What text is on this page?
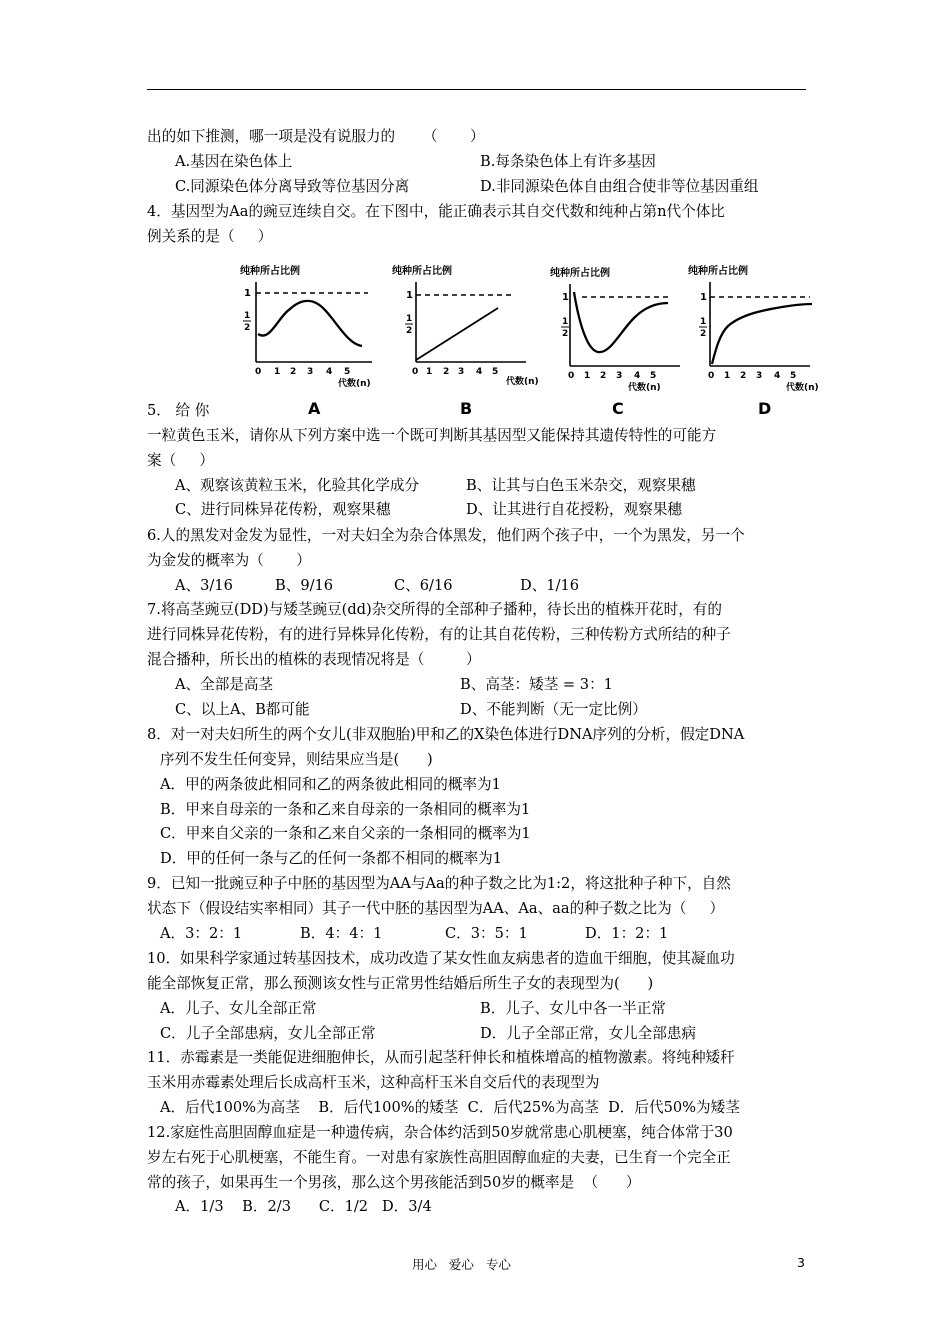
出的如下推测，哪一项是没有说服力的      （       ）
A.基因在染色体上	B.每条染色体上有许多基因
C.同源染色体分离导致等位基因分离	D.非同源染色体自由组合使非等位基因重组
4．基因型为Aa的豌豆连续自交。在下图中，能正确表示其自交代数和纯种占第n代个体比
例关系的是（     ）
纯种所占比例
1
1
2
0 1 2 3 4 5
代数(n)
A
纯种所占比例
1
1
2
0 1 2 3 4 5
代数(n)
B
纯种所占比例
1
1
2
0 1 2 3 4 5
代数(n)
C
纯种所占比例
1
1
2
0 1 2 3 4 5
代数(n)
D
5． 给 你
一粒黄色玉米，请你从下列方案中选一个既可判断其基因型又能保持其遗传特性的可能方
案（     ）
A、观察该黄粒玉米，化验其化学成分	B、让其与白色玉米杂交，观察果穗
C、进行同株异花传粉，观察果穗	D、让其进行自花授粉，观察果穗
6.人的黑发对金发为显性，一对夫妇全为杂合体黑发，他们两个孩子中，一个为黑发，另一个
为金发的概率为（       ）
A、3/16	B、9/16	C、6/16	D、1/16
7.将高茎豌豆(DD)与矮茎豌豆(dd)杂交所得的全部种子播种，待长出的植株开花时，有的
进行同株异花传粉，有的进行异株异化传粉，有的让其自花传粉，三种传粉方式所结的种子
混合播种，所长出的植株的表现情况将是（         ）
A、全部是高茎	B、高茎：矮茎 = 3：1
C、以上A、B都可能	D、不能判断（无一定比例）
8．对一对夫妇所生的两个女儿(非双胞胎)甲和乙的X染色体进行DNA序列的分析，假定DNA
序列不发生任何变异，则结果应当是(      )
A．甲的两条彼此相同和乙的两条彼此相同的概率为1
B．甲来自母亲的一条和乙来自母亲的一条相同的概率为1
C．甲来自父亲的一条和乙来自父亲的一条相同的概率为1
D．甲的任何一条与乙的任何一条都不相同的概率为1
9．已知一批豌豆种子中胚的基因型为AA与Aa的种子数之比为1:2，将这批种子种下，自然
状态下（假设结实率相同）其子一代中胚的基因型为AA、Aa、aa的种子数之比为（     ）
A．3：2：1	B．4：4：1	C．3：5：1	D．1：2：1
10．如果科学家通过转基因技术，成功改造了某女性血友病患者的造血干细胞，使其凝血功
能全部恢复正常，那么预测该女性与正常男性结婚后所生子女的表现型为(      )
A．儿子、女儿全部正常	B．儿子、女儿中各一半正常
C．儿子全部患病，女儿全部正常	D．儿子全部正常，女儿全部患病
11．赤霉素是一类能促进细胞伸长，从而引起茎秆伸长和植株增高的植物激素。将纯种矮秆
玉米用赤霉素处理后长成高杆玉米，这种高杆玉米自交后代的表现型为
A．后代100%为高茎    B．后代100%的矮茎  C．后代25%为高茎  D．后代50%为矮茎
12.家庭性高胆固醇血症是一种遗传病，杂合体约活到50岁就常患心肌梗塞，纯合体常于30
岁左右死于心肌梗塞，不能生育。一对患有家族性高胆固醇血症的夫妻，已生育一个完全正
常的孩子，如果再生一个男孩，那么这个男孩能活到50岁的概率是  （      ）
A．1/3    B．2/3      C．1/2   D．3/4
用心   爱心   专心	3
